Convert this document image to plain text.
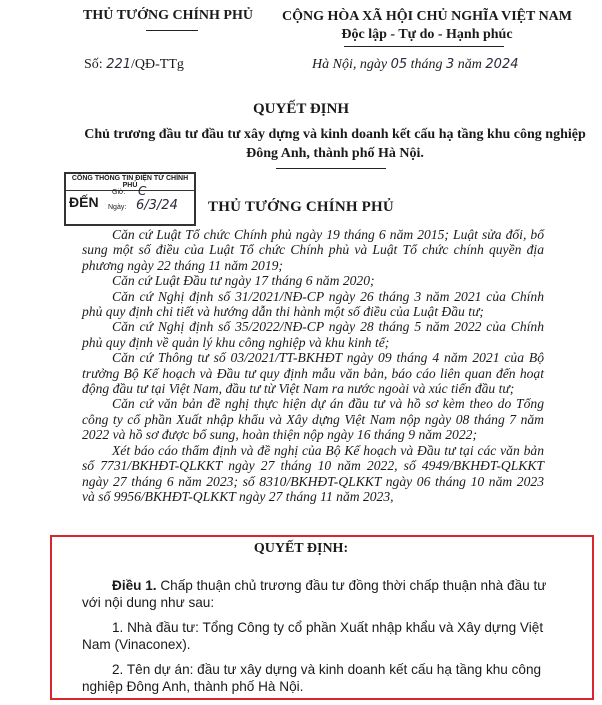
THỦ TƯỚNG CHÍNH PHỦ	CỘNG HÒA XÃ HỘI CHỦ NGHĨA VIỆT NAM
Độc lập - Tự do - Hạnh phúc
Số: 221/QĐ-TTg	Hà Nội, ngày 05 tháng 3 năm 2024
QUYẾT ĐỊNH
Chủ trương đầu tư đầu tư xây dựng và kinh doanh kết cấu hạ tầng khu công nghiệp Đông Anh, thành phố Hà Nội.
CỔNG THÔNG TIN ĐIỆN TỬ CHÍNH PHỦ
ĐẾN
Giờ: C
Ngày: 6/3/24	THỦ TƯỚNG CHÍNH PHỦ

Căn cứ Luật Tổ chức Chính phủ ngày 19 tháng 6 năm 2015; Luật sửa đổi, bổ sung một số điều của Luật Tổ chức Chính phủ và Luật Tổ chức chính quyền địa phương ngày 22 tháng 11 năm 2019;

Căn cứ Luật Đầu tư ngày 17 tháng 6 năm 2020;

Căn cứ Nghị định số 31/2021/NĐ-CP ngày 26 tháng 3 năm 2021 của Chính phủ quy định chi tiết và hướng dẫn thi hành một số điều của Luật Đầu tư;

Căn cứ Nghị định số 35/2022/NĐ-CP ngày 28 tháng 5 năm 2022 của Chính phủ quy định về quản lý khu công nghiệp và khu kinh tế;

Căn cứ Thông tư số 03/2021/TT-BKHĐT ngày 09 tháng 4 năm 2021 của Bộ trưởng Bộ Kế hoạch và Đầu tư quy định mẫu văn bản, báo cáo liên quan đến hoạt động đầu tư tại Việt Nam, đầu tư từ Việt Nam ra nước ngoài và xúc tiến đầu tư;

Căn cứ văn bản đề nghị thực hiện dự án đầu tư và hồ sơ kèm theo do Tổng công ty cổ phần Xuất nhập khẩu và Xây dựng Việt Nam nộp ngày 08 tháng 7 năm 2022 và hồ sơ được bổ sung, hoàn thiện nộp ngày 16 tháng 9 năm 2022;

Xét báo cáo thẩm định và đề nghị của Bộ Kế hoạch và Đầu tư tại các văn bản số 7731/BKHĐT-QLKKT ngày 27 tháng 10 năm 2022, số 4949/BKHĐT-QLKKT ngày 27 tháng 6 năm 2023; số 8310/BKHĐT-QLKKT ngày 06 tháng 10 năm 2023 và số 9956/BKHĐT-QLKKT ngày 27 tháng 11 năm 2023,

QUYẾT ĐỊNH:

Điều 1. Chấp thuận chủ trương đầu tư đồng thời chấp thuận nhà đầu tư với nội dung như sau:

1. Nhà đầu tư: Tổng Công ty cổ phần Xuất nhập khẩu và Xây dựng Việt Nam (Vinaconex).

2. Tên dự án: đầu tư xây dựng và kinh doanh kết cấu hạ tầng khu công nghiệp Đông Anh, thành phố Hà Nội.
